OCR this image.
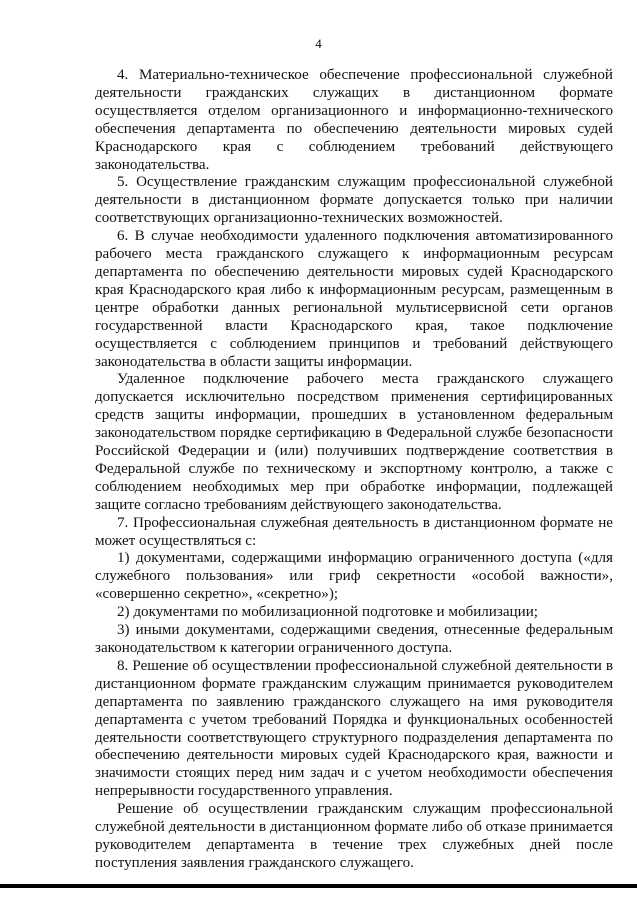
4

4. Материально-техническое обеспечение профессиональной служебной деятельности гражданских служащих в дистанционном формате осуществляется отделом организационного и информационно-технического обеспечения департамента по обеспечению деятельности мировых судей Краснодарского края с соблюдением требований действующего законодательства.

5. Осуществление гражданским служащим профессиональной служебной деятельности в дистанционном формате допускается только при наличии соответствующих организационно-технических возможностей.

6. В случае необходимости удаленного подключения автоматизированного рабочего места гражданского служащего к информационным ресурсам департамента по обеспечению деятельности мировых судей Краснодарского края Краснодарского края либо к информационным ресурсам, размещенным в центре обработки данных региональной мультисервисной сети органов государственной власти Краснодарского края, такое подключение осуществляется с соблюдением принципов и требований действующего законодательства в области защиты информации.

Удаленное подключение рабочего места гражданского служащего допускается исключительно посредством применения сертифицированных средств защиты информации, прошедших в установленном федеральным законодательством порядке сертификацию в Федеральной службе безопасности Российской Федерации и (или) получивших подтверждение соответствия в Федеральной службе по техническому и экспортному контролю, а также с соблюдением необходимых мер при обработке информации, подлежащей защите согласно требованиям действующего законодательства.

7. Профессиональная служебная деятельность в дистанционном формате не может осуществляться с:

1) документами, содержащими информацию ограниченного доступа («для служебного пользования» или гриф секретности «особой важности», «совершенно секретно», «секретно»);

2) документами по мобилизационной подготовке и мобилизации;

3) иными документами, содержащими сведения, отнесенные федеральным законодательством к категории ограниченного доступа.

8. Решение об осуществлении профессиональной служебной деятельности в дистанционном формате гражданским служащим принимается руководителем департамента по заявлению гражданского служащего на имя руководителя департамента с учетом требований Порядка и функциональных особенностей деятельности соответствующего структурного подразделения департамента по обеспечению деятельности мировых судей Краснодарского края, важности и значимости стоящих перед ним задач и с учетом необходимости обеспечения непрерывности государственного управления.

Решение об осуществлении гражданским служащим профессиональной служебной деятельности в дистанционном формате либо об отказе принимается руководителем департамента в течение трех служебных дней после поступления заявления гражданского служащего.
